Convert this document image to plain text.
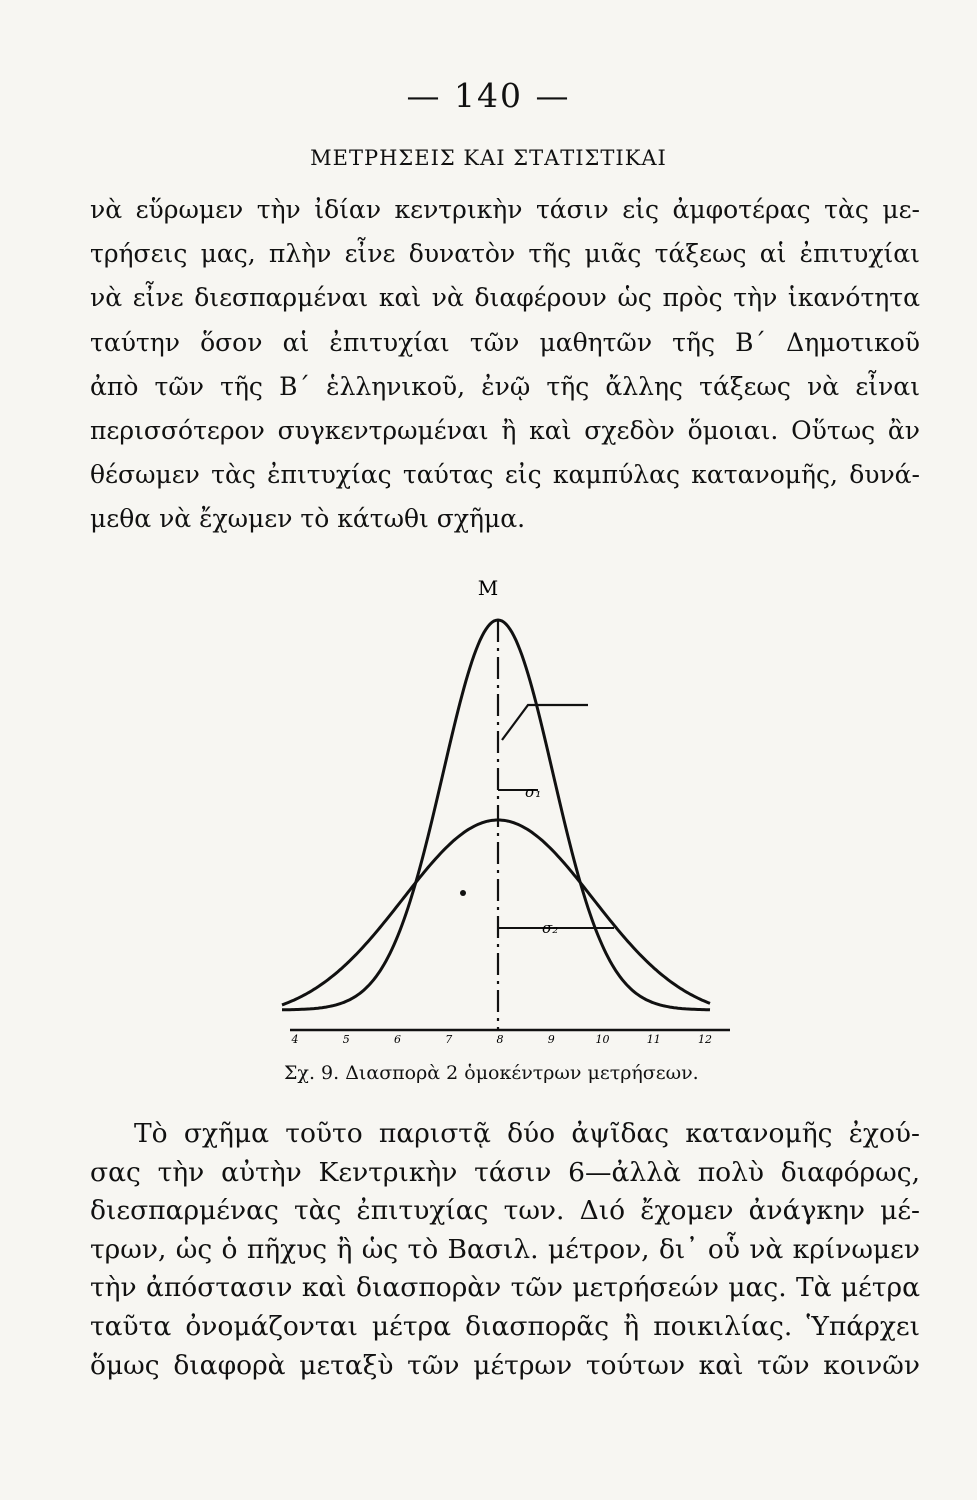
— 140 —
ΜΕΤΡΗΣΕΙΣ ΚΑΙ ΣΤΑΤΙΣΤΙΚΑΙ
νὰ εὕρωμεν τὴν ἰδίαν κεντρικὴν τάσιν εἰς ἀμφοτέρας τὰς με-
τρήσεις μας, πλὴν εἶνε δυνατὸν τῆς μιᾶς τάξεως αἱ ἐπιτυχίαι
νὰ εἶνε διεσπαρμέναι καὶ νὰ διαφέρουν ὡς πρὸς τὴν ἱκανότητα
ταύτην ὅσον αἱ ἐπιτυχίαι τῶν μαθητῶν τῆς Β΄ Δημοτικοῦ
ἀπὸ τῶν τῆς Β΄ ἑλληνικοῦ, ἐνῷ τῆς ἄλλης τάξεως νὰ εἶναι
περισσότερον συγκεντρωμέναι ἢ καὶ σχεδὸν ὅμοιαι. Οὕτως ἂν
θέσωμεν τὰς ἐπιτυχίας ταύτας εἰς καμπύλας κατανομῆς, δυνά-
μεθα νὰ ἔχωμεν τὸ κάτωθι σχῆμα.
M
σ₁
σ₂
4	5	6	7	8	9	10	11	12
Σχ. 9. Διασπορὰ 2 ὁμοκέντρων μετρήσεων.
Τὸ σχῆμα τοῦτο παριστᾷ δύο ἀψῖδας κατανομῆς ἐχού-
σας τὴν αὐτὴν Κεντρικὴν τάσιν 6—ἀλλὰ πολὺ διαφόρως,
διεσπαρμένας τὰς ἐπιτυχίας των. Διό ἔχομεν ἀνάγκην μέ-
τρων, ὡς ὁ πῆχυς ἢ ὡς τὸ Βασιλ. μέτρον, δι᾽ οὗ νὰ κρίνωμεν
τὴν ἀπόστασιν καὶ διασπορὰν τῶν μετρήσεών μας. Τὰ μέτρα
ταῦτα ὀνομάζονται μέτρα διασπορᾶς ἢ ποικιλίας. Ὑπάρχει
ὅμως διαφορὰ μεταξὺ τῶν μέτρων τούτων καὶ τῶν κοινῶν
